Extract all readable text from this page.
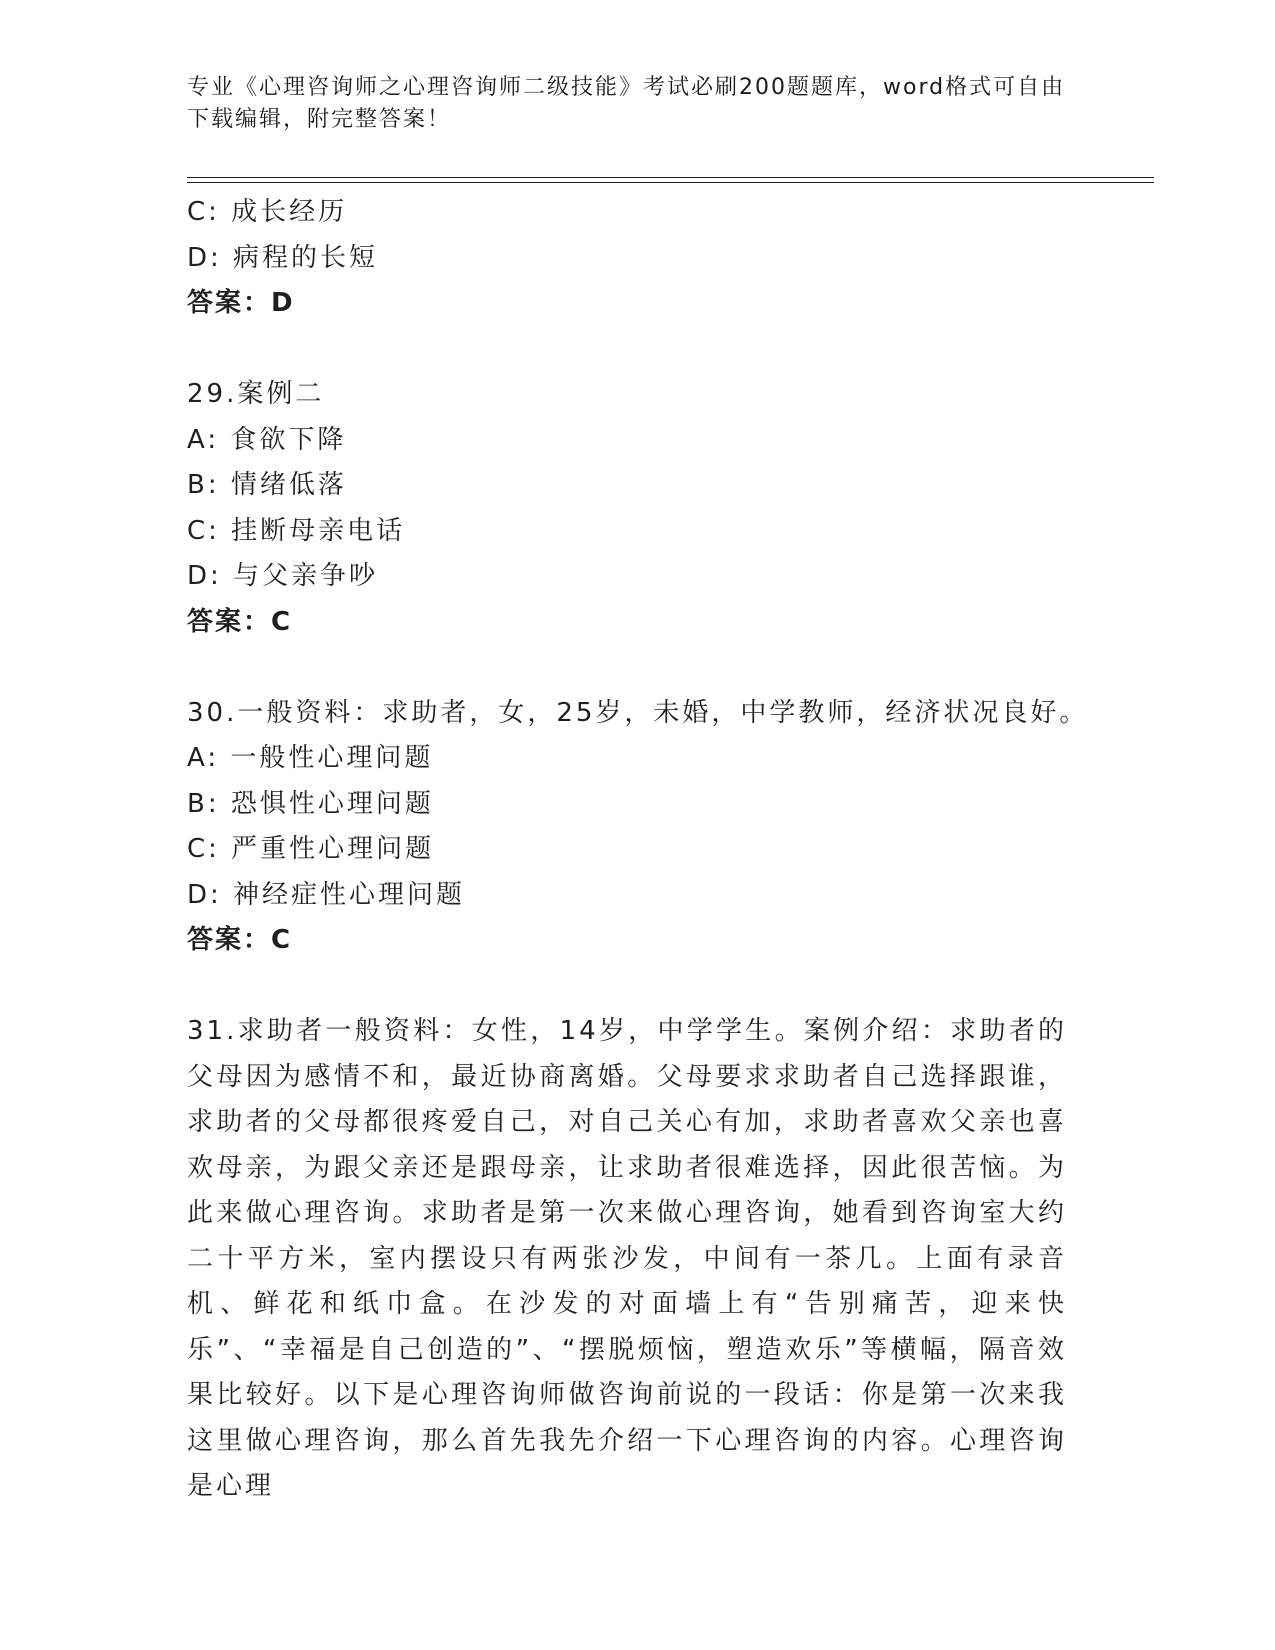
专业《心理咨询师之心理咨询师二级技能》考试必刷200题题库，word格式可自由下载编辑，附完整答案！
C: 成长经历
D: 病程的长短
答案：D
29.案例二
A: 食欲下降
B: 情绪低落
C: 挂断母亲电话
D: 与父亲争吵
答案：C
30.一般资料：求助者，女，25岁，未婚，中学教师，经济状况良好。
A: 一般性心理问题
B: 恐惧性心理问题
C: 严重性心理问题
D: 神经症性心理问题
答案：C
31.求助者一般资料：女性，14岁，中学学生。案例介绍：求助者的父母因为感情不和，最近协商离婚。父母要求求助者自己选择跟谁，求助者的父母都很疼爱自己，对自己关心有加，求助者喜欢父亲也喜欢母亲，为跟父亲还是跟母亲，让求助者很难选择，因此很苦恼。为此来做心理咨询。求助者是第一次来做心理咨询，她看到咨询室大约二十平方米，室内摆设只有两张沙发，中间有一茶几。上面有录音机、鲜花和纸巾盒。在沙发的对面墙上有“告别痛苦，迎来快乐”、“幸福是自己创造的”、“摆脱烦恼，塑造欢乐”等横幅，隔音效果比较好。以下是心理咨询师做咨询前说的一段话：你是第一次来我这里做心理咨询，那么首先我先介绍一下心理咨询的内容。心理咨询是心理
